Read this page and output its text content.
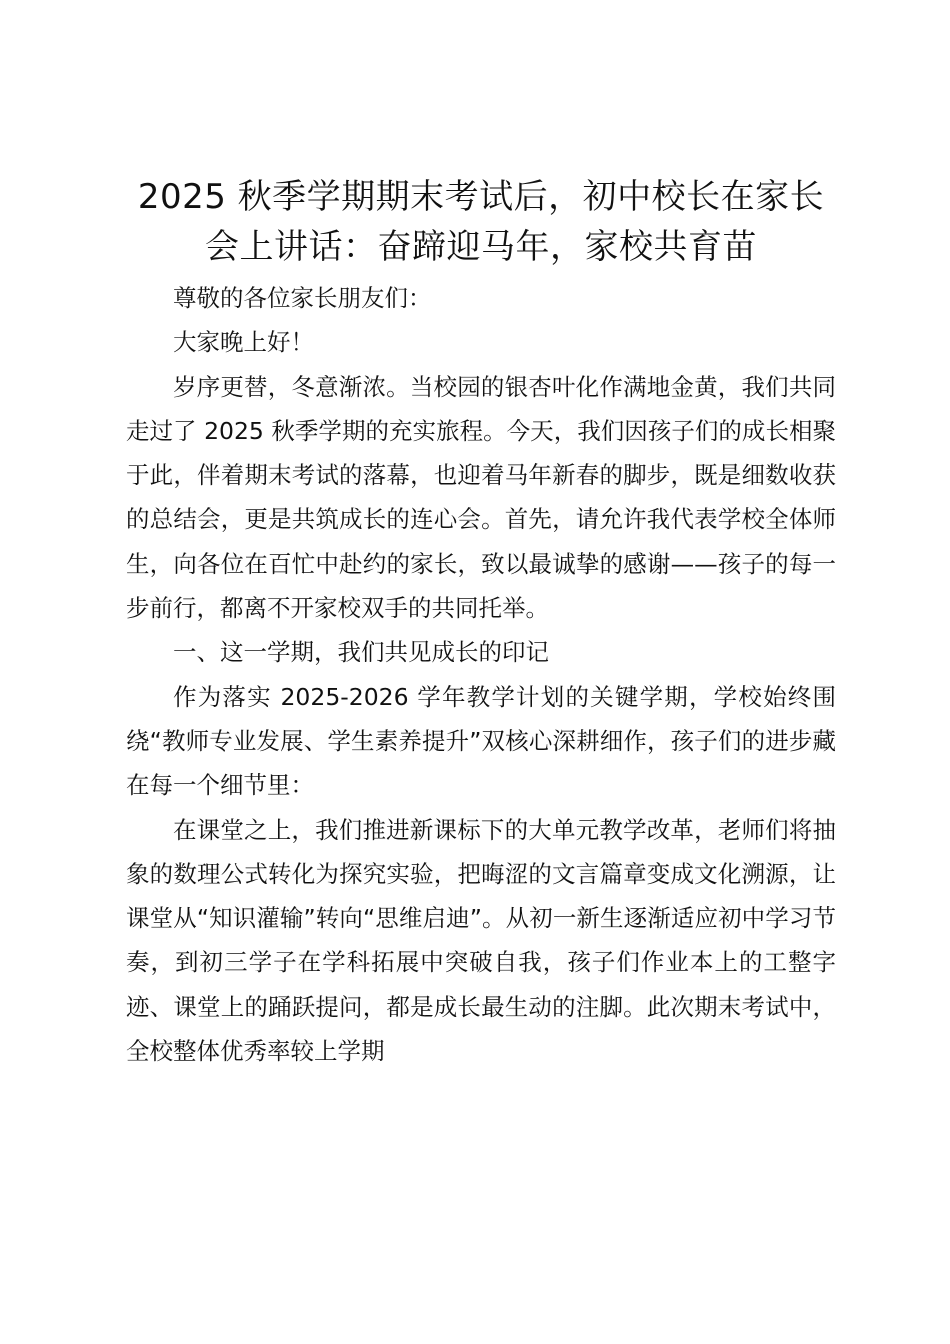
2025 秋季学期期末考试后，初中校长在家长
会上讲话：奋蹄迎马年，家校共育苗

尊敬的各位家长朋友们：

大家晚上好！

岁序更替，冬意渐浓。当校园的银杏叶化作满地金黄，我们共同走过了 2025 秋季学期的充实旅程。今天，我们因孩子们的成长相聚于此，伴着期末考试的落幕，也迎着马年新春的脚步，既是细数收获的总结会，更是共筑成长的连心会。首先，请允许我代表学校全体师生，向各位在百忙中赴约的家长，致以最诚挚的感谢——孩子的每一步前行，都离不开家校双手的共同托举。

一、这一学期，我们共见成长的印记

作为落实 2025-2026 学年教学计划的关键学期，学校始终围绕“教师专业发展、学生素养提升”双核心深耕细作，孩子们的进步藏在每一个细节里：

在课堂之上，我们推进新课标下的大单元教学改革，老师们将抽象的数理公式转化为探究实验，把晦涩的文言篇章变成文化溯源，让课堂从“知识灌输”转向“思维启迪”。从初一新生逐渐适应初中学习节奏，到初三学子在学科拓展中突破自我，孩子们作业本上的工整字迹、课堂上的踊跃提问，都是成长最生动的注脚。此次期末考试中，全校整体优秀率较上学期
